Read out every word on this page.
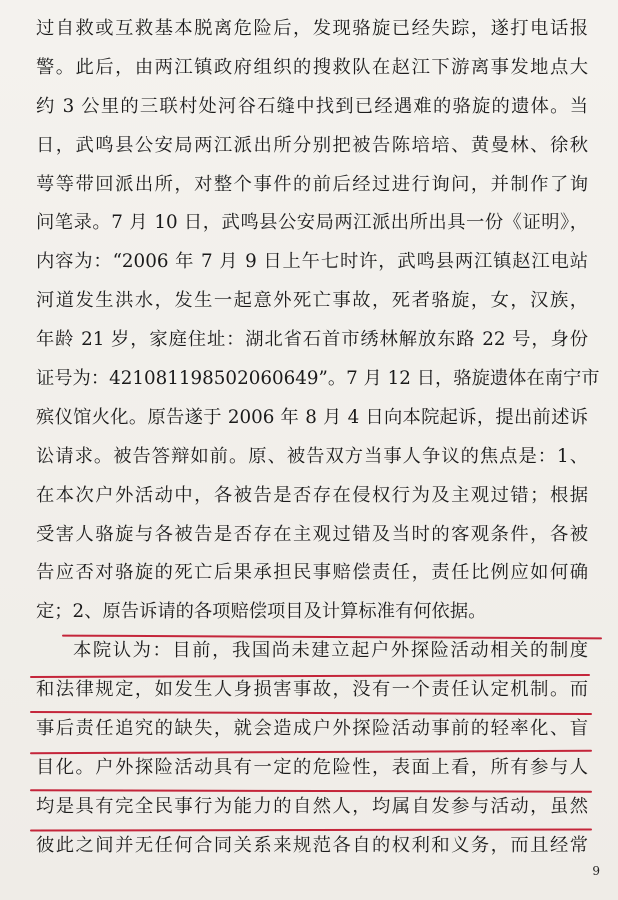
过自救或互救基本脱离危险后，发现骆旋已经失踪，遂打电话报
警。此后，由两江镇政府组织的搜救队在赵江下游离事发地点大
约 3 公里的三联村处河谷石缝中找到已经遇难的骆旋的遗体。当
日，武鸣县公安局两江派出所分别把被告陈培培、黄曼林、徐秋
萼等带回派出所，对整个事件的前后经过进行询问，并制作了询
问笔录。7 月 10 日，武鸣县公安局两江派出所出具一份《证明》，
内容为：“2006 年 7 月 9 日上午七时许，武鸣县两江镇赵江电站
河道发生洪水，发生一起意外死亡事故，死者骆旋，女，汉族，
年龄 21 岁，家庭住址：湖北省石首市绣林解放东路 22 号，身份
证号为：421081198502060649”。7 月 12 日，骆旋遗体在南宁市
殡仪馆火化。原告遂于 2006 年 8 月 4 日向本院起诉，提出前述诉
讼请求。被告答辩如前。原、被告双方当事人争议的焦点是：1、
在本次户外活动中，各被告是否存在侵权行为及主观过错；根据
受害人骆旋与各被告是否存在主观过错及当时的客观条件，各被
告应否对骆旋的死亡后果承担民事赔偿责任，责任比例应如何确
定；2、原告诉请的各项赔偿项目及计算标准有何依据。
本院认为：目前，我国尚未建立起户外探险活动相关的制度
和法律规定，如发生人身损害事故，没有一个责任认定机制。而
事后责任追究的缺失，就会造成户外探险活动事前的轻率化、盲
目化。户外探险活动具有一定的危险性，表面上看，所有参与人
均是具有完全民事行为能力的自然人，均属自发参与活动，虽然
彼此之间并无任何合同关系来规范各自的权利和义务，而且经常
9
